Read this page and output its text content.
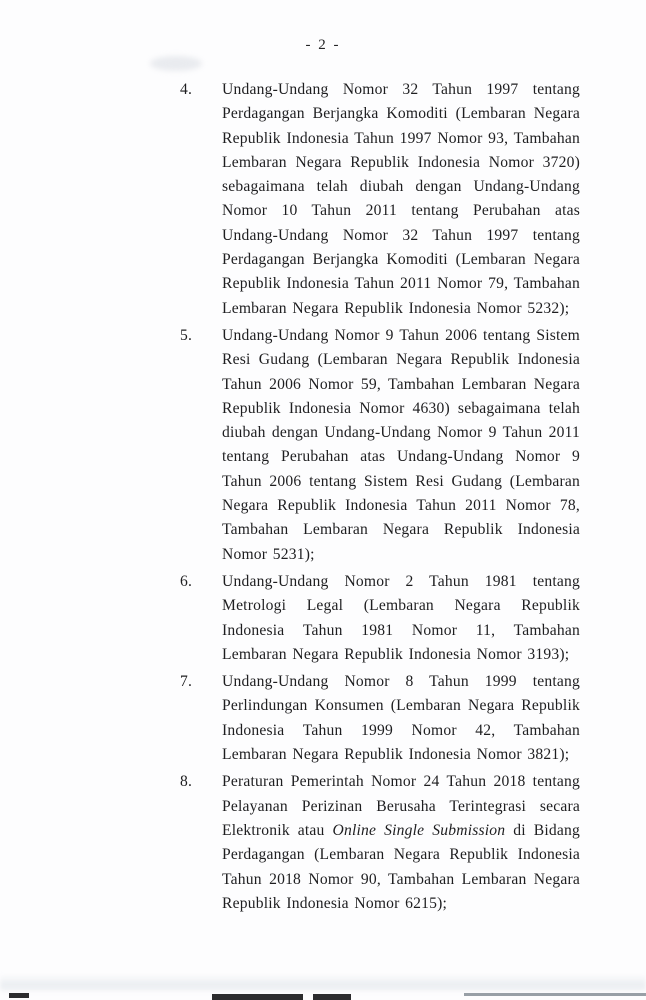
- 2 -
4. Undang-Undang Nomor 32 Tahun 1997 tentang Perdagangan Berjangka Komoditi (Lembaran Negara Republik Indonesia Tahun 1997 Nomor 93, Tambahan Lembaran Negara Republik Indonesia Nomor 3720) sebagaimana telah diubah dengan Undang-Undang Nomor 10 Tahun 2011 tentang Perubahan atas Undang-Undang Nomor 32 Tahun 1997 tentang Perdagangan Berjangka Komoditi (Lembaran Negara Republik Indonesia Tahun 2011 Nomor 79, Tambahan Lembaran Negara Republik Indonesia Nomor 5232);
5. Undang-Undang Nomor 9 Tahun 2006 tentang Sistem Resi Gudang (Lembaran Negara Republik Indonesia Tahun 2006 Nomor 59, Tambahan Lembaran Negara Republik Indonesia Nomor 4630) sebagaimana telah diubah dengan Undang-Undang Nomor 9 Tahun 2011 tentang Perubahan atas Undang-Undang Nomor 9 Tahun 2006 tentang Sistem Resi Gudang (Lembaran Negara Republik Indonesia Tahun 2011 Nomor 78, Tambahan Lembaran Negara Republik Indonesia Nomor 5231);
6. Undang-Undang Nomor 2 Tahun 1981 tentang Metrologi Legal (Lembaran Negara Republik Indonesia Tahun 1981 Nomor 11, Tambahan Lembaran Negara Republik Indonesia Nomor 3193);
7. Undang-Undang Nomor 8 Tahun 1999 tentang Perlindungan Konsumen (Lembaran Negara Republik Indonesia Tahun 1999 Nomor 42, Tambahan Lembaran Negara Republik Indonesia Nomor 3821);
8. Peraturan Pemerintah Nomor 24 Tahun 2018 tentang Pelayanan Perizinan Berusaha Terintegrasi secara Elektronik atau Online Single Submission di Bidang Perdagangan (Lembaran Negara Republik Indonesia Tahun 2018 Nomor 90, Tambahan Lembaran Negara Republik Indonesia Nomor 6215);
